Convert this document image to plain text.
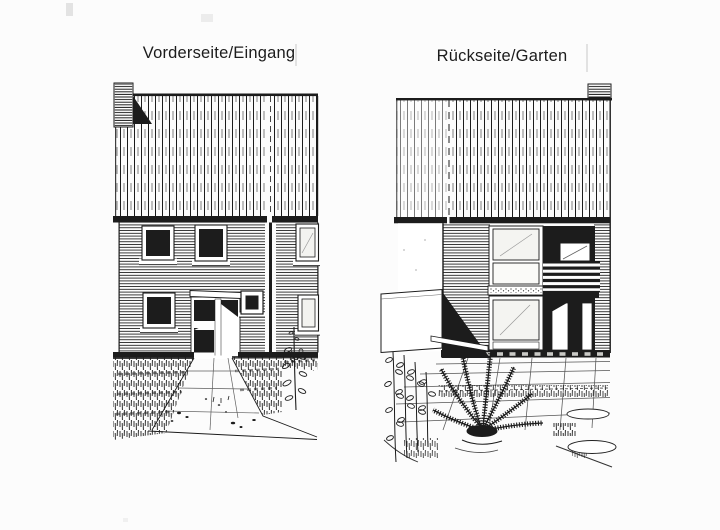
Vorderseite/Eingang	Rückseite/Garten
